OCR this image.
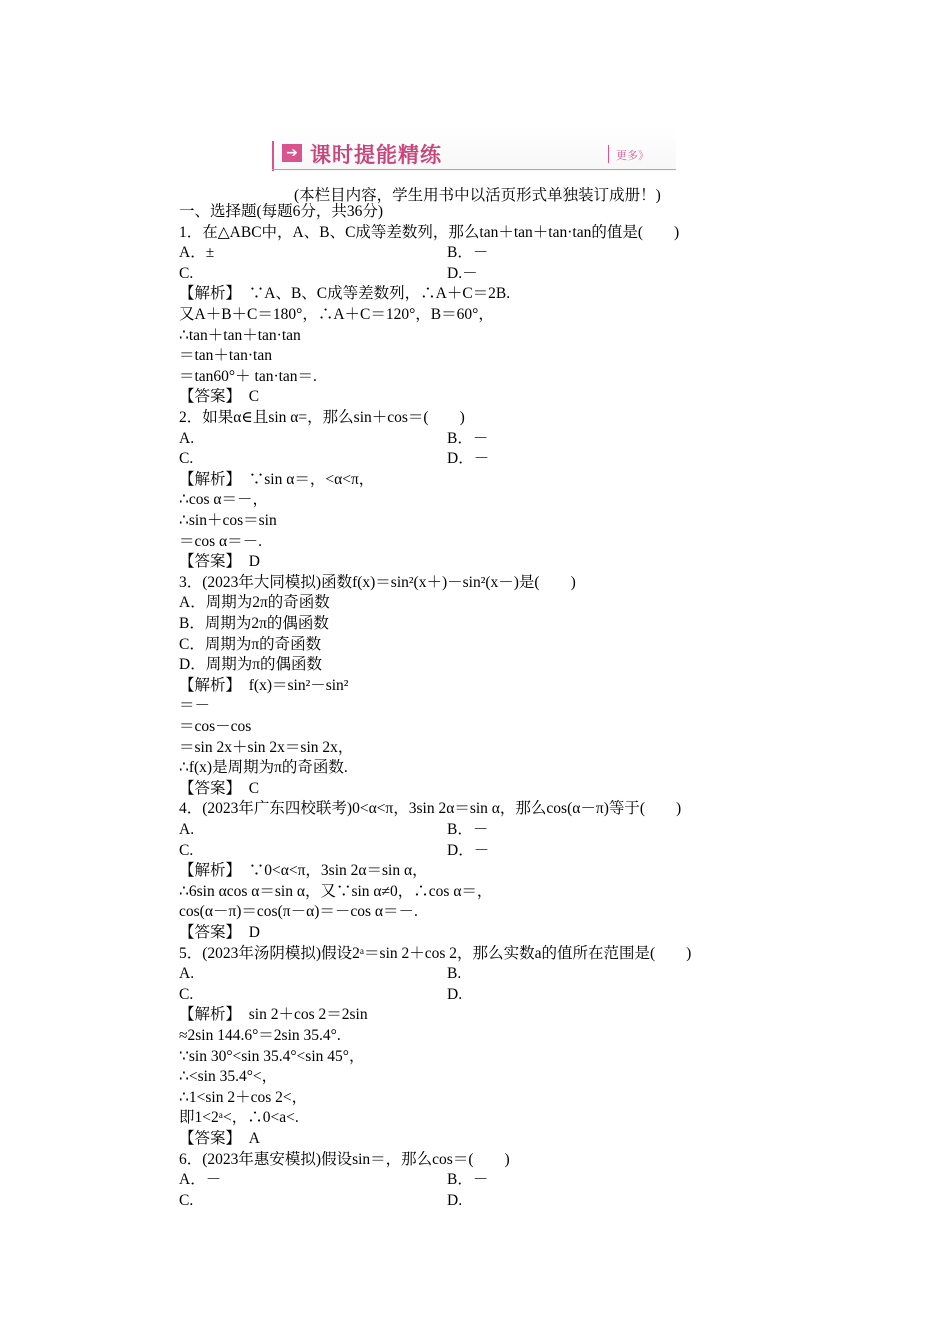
➔ 课时提能精练	更多》
(本栏目内容，学生用书中以活页形式单独装订成册！)
一、选择题(每题6分，共36分)
1．在△ABC中，A、B、C成等差数列，那么tan＋tan＋tan·tan的值是(　　)
A．±	B．－
C.	D.－
【解析】　∵A、B、C成等差数列，∴A＋C＝2B.
又A＋B＋C＝180°，∴A＋C＝120°，B＝60°，
∴tan＋tan＋tan·tan
＝tan＋tan·tan
＝tan60°＋ tan·tan＝.
【答案】　C
2．如果α∈且sin α=，那么sin＋cos＝(　　)
A.	B．－
C.	D．－
【解析】　∵sin α＝，<α<π，
∴cos α＝－，
∴sin＋cos＝sin
＝cos α＝－.
【答案】　D
3．(2023年大同模拟)函数f(x)＝sin²(x＋)－sin²(x－)是(　　)
A．周期为2π的奇函数
B．周期为2π的偶函数
C．周期为π的奇函数
D．周期为π的偶函数
【解析】　f(x)＝sin²－sin²
＝－
＝cos－cos
＝sin 2x＋sin 2x＝sin 2x，
∴f(x)是周期为π的奇函数.
【答案】　C
4．(2023年广东四校联考)0<α<π，3sin 2α＝sin α，那么cos(α－π)等于(　　)
A.	B．－
C.	D．－
【解析】　∵0<α<π，3sin 2α＝sin α，
∴6sin αcos α＝sin α，又∵sin α≠0，∴cos α＝，
cos(α－π)＝cos(π－α)＝－cos α＝－.
【答案】　D
5．(2023年汤阴模拟)假设2ᵃ＝sin 2＋cos 2，那么实数a的值所在范围是(　　)
A.	B.
C.	D.
【解析】　sin 2＋cos 2＝2sin
≈2sin 144.6°＝2sin 35.4°.
∵sin 30°<sin 35.4°<sin 45°，
∴<sin 35.4°<，
∴1<sin 2＋cos 2<，
即1<2ᵃ<，∴0<a<.
【答案】　A
6．(2023年惠安模拟)假设sin＝，那么cos＝(　　)
A．－	B．－
C.	D.
